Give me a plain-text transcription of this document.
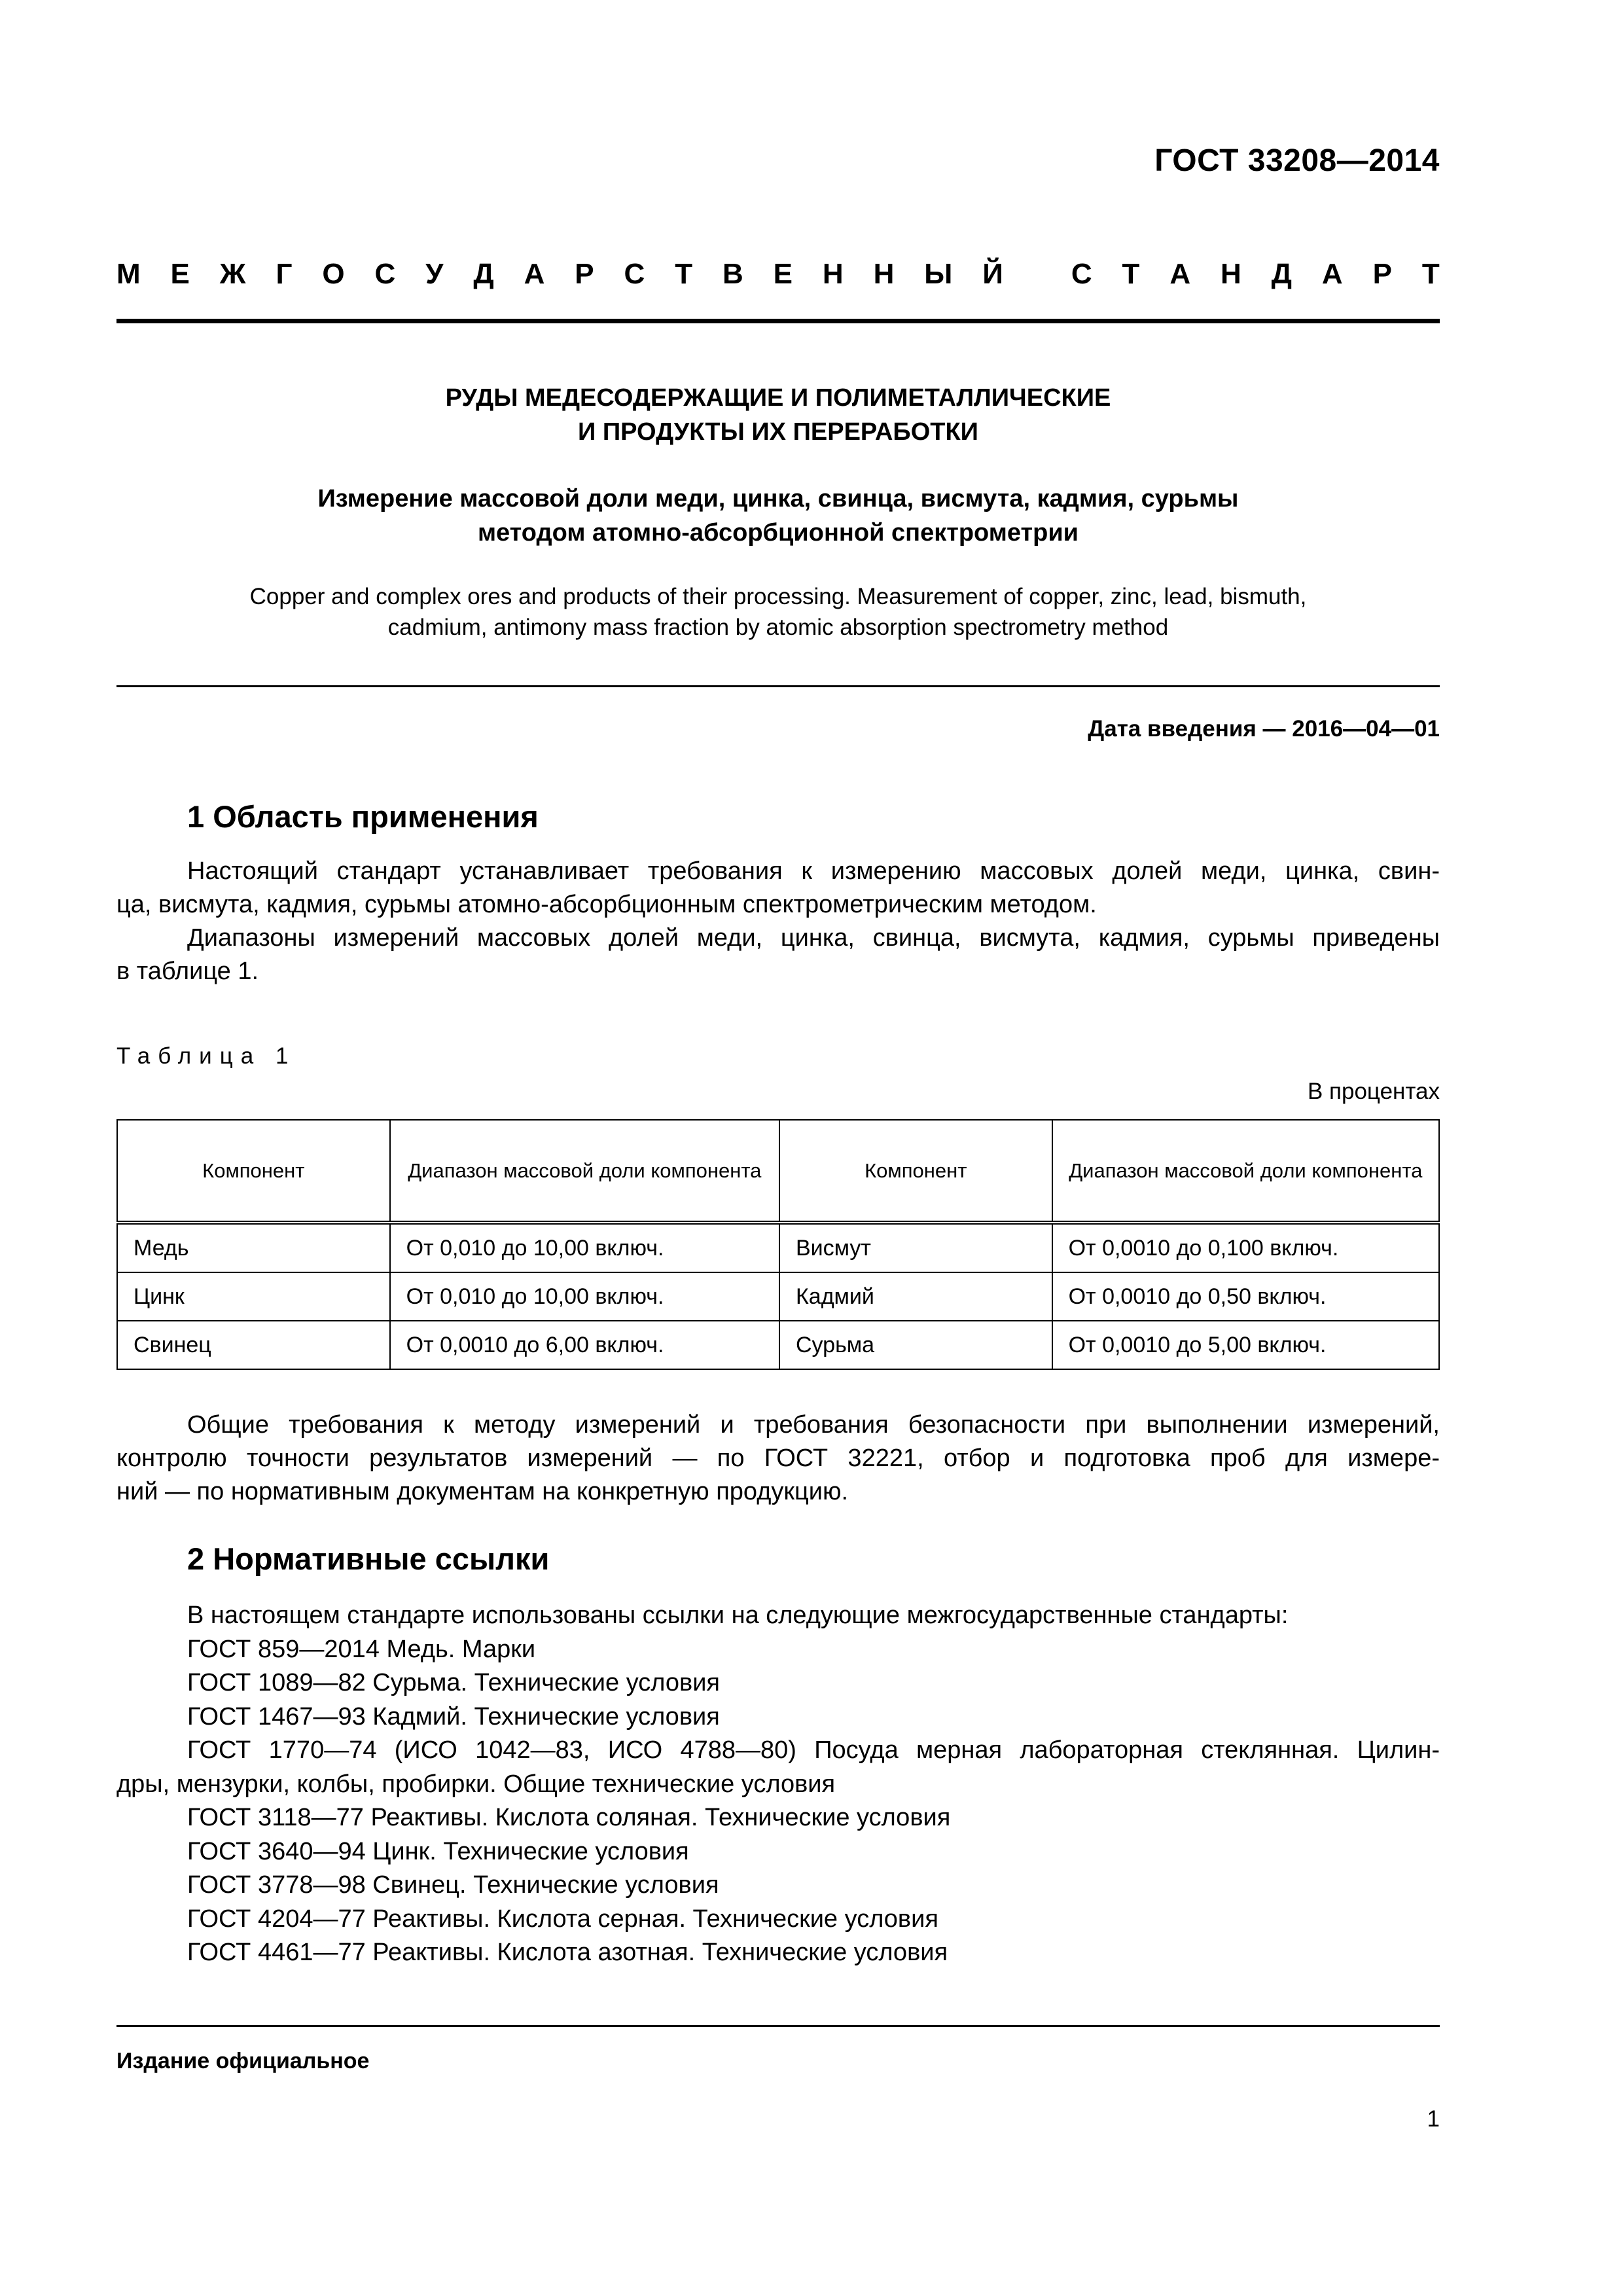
ГОСТ 33208—2014
М Е Ж Г О С У Д А Р С Т В Е Н Н Ы Й
С Т А Н Д А Р Т
РУДЫ МЕДЕСОДЕРЖАЩИЕ И ПОЛИМЕТАЛЛИЧЕСКИЕ
И ПРОДУКТЫ ИХ ПЕРЕРАБОТКИ
Измерение массовой доли меди, цинка, свинца, висмута, кадмия, сурьмы
методом атомно-абсорбционной спектрометрии
Copper and complex ores and products of their processing. Measurement of copper, zinc, lead, bismuth,
cadmium, antimony mass fraction by atomic absorption spectrometry method
Дата введения — 2016—04—01
1 Область применения
Настоящий стандарт устанавливает требования к измерению массовых долей меди, цинка, свин-
ца, висмута, кадмия, сурьмы атомно-абсорбционным спектрометрическим методом.
Диапазоны измерений массовых долей меди, цинка, свинца, висмута, кадмия, сурьмы приведены
в таблице 1.
Таблица 1
В процентах
Компонент	Диапазон массовой доли компонента	Компонент	Диапазон массовой доли компонента
Медь	От 0,010 до 10,00 включ.	Висмут	От 0,0010 до 0,100 включ.
Цинк	От 0,010 до 10,00 включ.	Кадмий	От 0,0010 до 0,50 включ.
Свинец	От 0,0010 до 6,00 включ.	Сурьма	От 0,0010 до 5,00 включ.
Общие требования к методу измерений и требования безопасности при выполнении измерений,
контролю точности результатов измерений — по ГОСТ 32221, отбор и подготовка проб для измере-
ний — по нормативным документам на конкретную продукцию.
2 Нормативные ссылки
В настоящем стандарте использованы ссылки на следующие межгосударственные стандарты:
ГОСТ 859—2014 Медь. Марки
ГОСТ 1089—82 Сурьма. Технические условия
ГОСТ 1467—93 Кадмий. Технические условия
ГОСТ 1770—74 (ИСО 1042—83, ИСО 4788—80) Посуда мерная лабораторная стеклянная. Цилин-
дры, мензурки, колбы, пробирки. Общие технические условия
ГОСТ 3118—77 Реактивы. Кислота соляная. Технические условия
ГОСТ 3640—94 Цинк. Технические условия
ГОСТ 3778—98 Свинец. Технические условия
ГОСТ 4204—77 Реактивы. Кислота серная. Технические условия
ГОСТ 4461—77 Реактивы. Кислота азотная. Технические условия
Издание официальное
1
